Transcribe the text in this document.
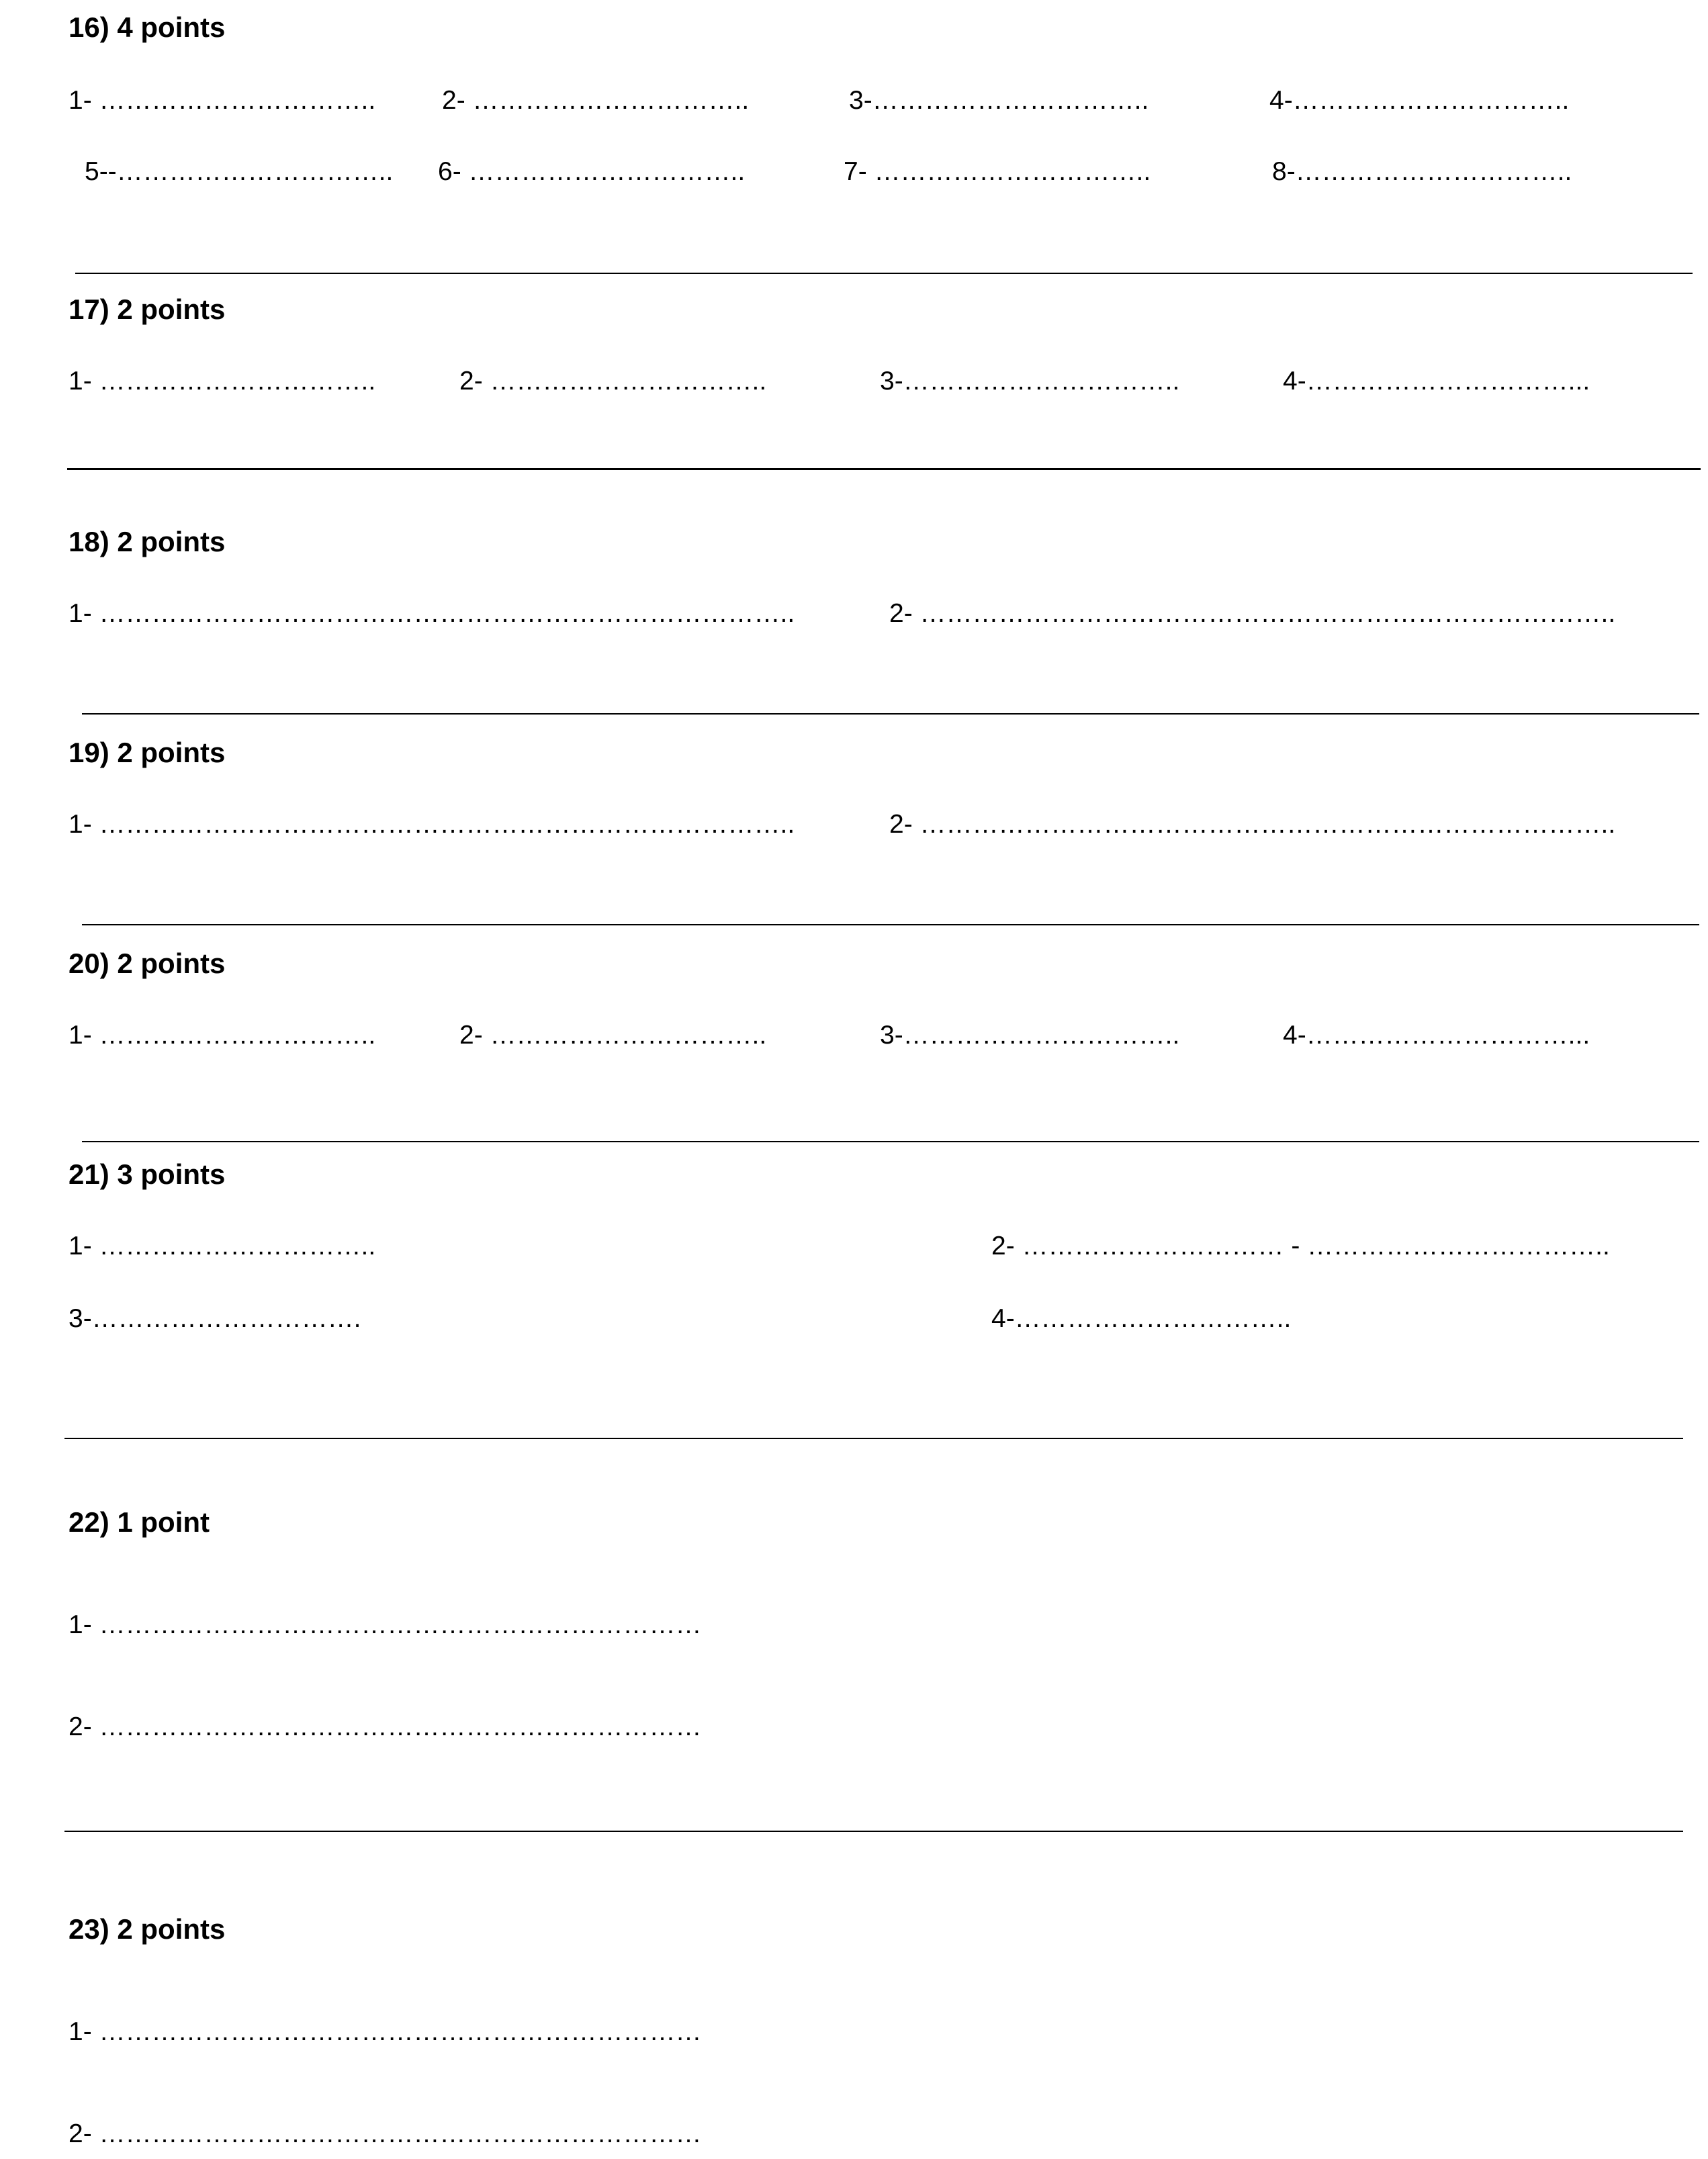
16) 4 points
1- …………………………..	2- …………………………..	3-…………………………..	4-…………………………..
5--………………………….. 6- …………………………..	7- …………………………..	8-…………………………..
17) 2 points
1- …………………………..	2- …………………………..	3-…………………………..	4-…………………………...
18) 2 points
1- ……………………………………………………………………..	2- ……………………………………………………………………..
19) 2 points
1- ……………………………………………………………………..	2- ……………………………………………………………………..
20) 2 points
1- …………………………..	2- …………………………..	3-…………………………..	4-…………………………...
21) 3 points
1- …………………………..	2- ………………………… - ……………………………..
3-………………………….	4-…………………………..
22) 1 point
1- ……………………………………………………………
2- ……………………………………………………………
23) 2 points
1- ……………………………………………………………
2- ……………………………………………………………
